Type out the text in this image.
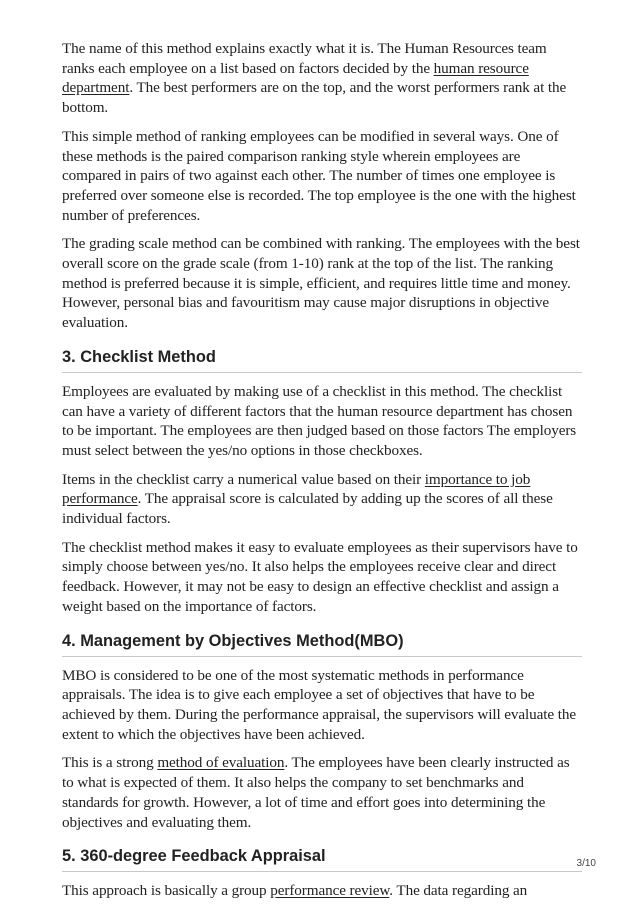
The name of this method explains exactly what it is. The Human Resources team ranks each employee on a list based on factors decided by the human resource department. The best performers are on the top, and the worst performers rank at the bottom.

This simple method of ranking employees can be modified in several ways. One of these methods is the paired comparison ranking style wherein employees are compared in pairs of two against each other. The number of times one employee is preferred over someone else is recorded. The top employee is the one with the highest number of preferences.

The grading scale method can be combined with ranking. The employees with the best overall score on the grade scale (from 1-10) rank at the top of the list. The ranking method is preferred because it is simple, efficient, and requires little time and money. However, personal bias and favouritism may cause major disruptions in objective evaluation.

3. Checklist Method

Employees are evaluated by making use of a checklist in this method. The checklist can have a variety of different factors that the human resource department has chosen to be important. The employees are then judged based on those factors The employers must select between the yes/no options in those checkboxes.

Items in the checklist carry a numerical value based on their importance to job performance. The appraisal score is calculated by adding up the scores of all these individual factors.

The checklist method makes it easy to evaluate employees as their supervisors have to simply choose between yes/no. It also helps the employees receive clear and direct feedback. However, it may not be easy to design an effective checklist and assign a weight based on the importance of factors.

4. Management by Objectives Method(MBO)

MBO is considered to be one of the most systematic methods in performance appraisals. The idea is to give each employee a set of objectives that have to be achieved by them. During the performance appraisal, the supervisors will evaluate the extent to which the objectives have been achieved.

This is a strong method of evaluation. The employees have been clearly instructed as to what is expected of them. It also helps the company to set benchmarks and standards for growth. However, a lot of time and effort goes into determining the objectives and evaluating them.

5. 360-degree Feedback Appraisal

This approach is basically a group performance review. The data regarding an

3/10
